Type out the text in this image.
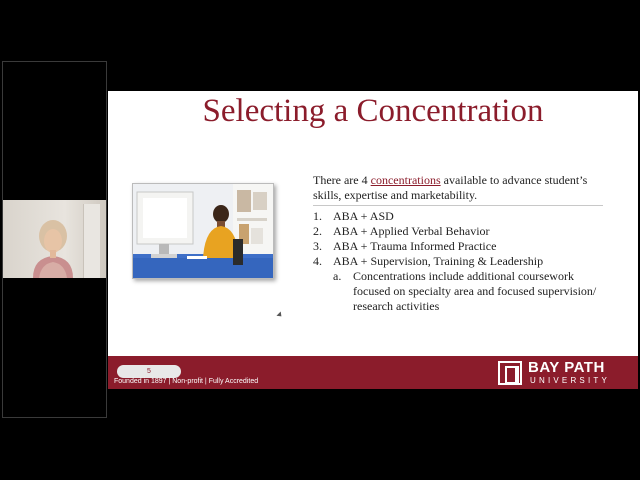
Selecting a Concentration

There are 4 concentrations available to advance student’s skills, expertise and marketability.

1. ABA + ASD
2. ABA + Applied Verbal Behavior
3. ABA + Trauma Informed Practice
4. ABA + Supervision, Training & Leadership
a. Concentrations include additional coursework focused on specialty area and focused supervision/ research activities
5
Founded in 1897 | Non-profit | Fully Accredited
BAY PATH
UNIVERSITY
